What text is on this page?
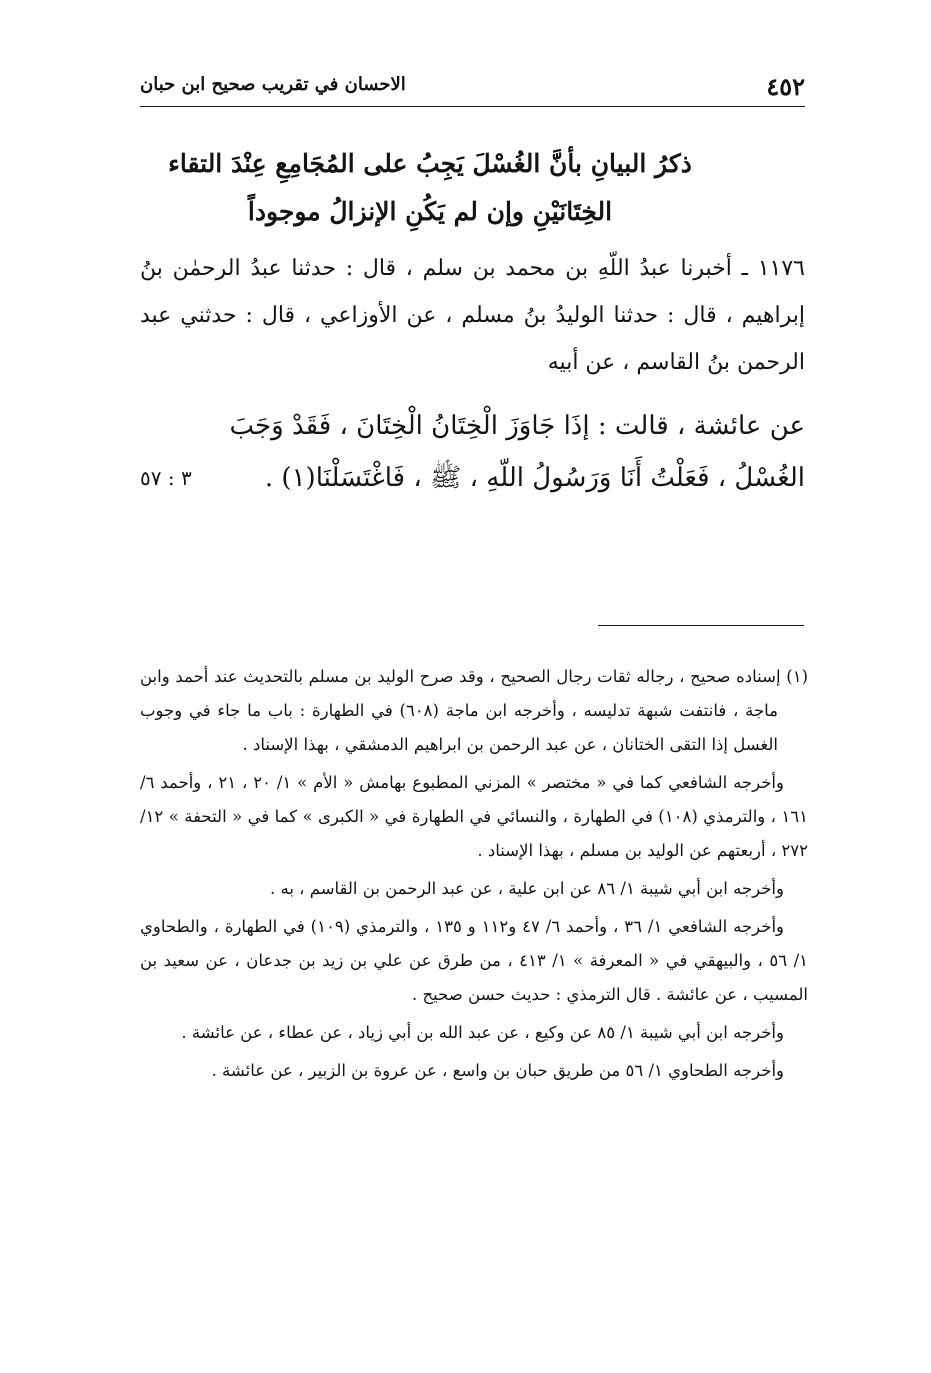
٤٥٢
الاحسان في تقريب صحيح ابن حبان
ذكرُ البيانِ بأنَّ الغُسْلَ يَجِبُ على المُجَامِعِ عِنْدَ التقاء
الخِتَانَيْنِ وإن لم يَكُنِ الإنزالُ موجوداً
١١٧٦ ـ أخبرنا عبدُ اللّهِ بن محمد بن سلم ، قال : حدثنا عبدُ الرحمٰن بنُ إبراهيم ، قال : حدثنا الوليدُ بنُ مسلم ، عن الأوزاعي ، قال : حدثني عبد الرحمن بنُ القاسم ، عن أبيه
عن عائشة ، قالت : إذَا جَاوَزَ الْخِتَانُ الْخِتَانَ ، فَقَدْ وَجَبَ
الغُسْلُ ، فَعَلْتُ أَنَا وَرَسُولُ اللّهِ ، ﷺ ، فَاغْتَسَلْنَا(١) .
٣ : ٥٧

(١) إسناده صحيح ، رجاله ثقات رجال الصحيح ، وقد صرح الوليد بن مسلم بالتحديث عند أحمد وابن ماجة ، فانتفت شبهة تدليسه ، وأخرجه ابن ماجة (٦٠٨) في الطهارة : باب ما جاء في وجوب الغسل إذا التقى الختانان ، عن عبد الرحمن بن ابراهيم الدمشقي ، بهذا الإسناد .

وأخرجه الشافعي كما في « مختصر » المزني المطبوع بهامش « الأم » ١/ ٢٠ ، ٢١ ، وأحمد ٦/ ١٦١ ، والترمذي (١٠٨) في الطهارة ، والنسائي في الطهارة في « الكبرى » كما في « التحفة » ١٢/ ٢٧٢ ، أربعتهم عن الوليد بن مسلم ، بهذا الإسناد .

وأخرجه ابن أبي شيبة ١/ ٨٦ عن ابن علية ، عن عبد الرحمن بن القاسم ، به .

وأخرجه الشافعي ١/ ٣٦ ، وأحمد ٦/ ٤٧ و١١٢ و ١٣٥ ، والترمذي (١٠٩) في الطهارة ، والطحاوي ١/ ٥٦ ، والبيهقي في « المعرفة » ١/ ٤١٣ ، من طرق عن علي بن زيد بن جدعان ، عن سعيد بن المسيب ، عن عائشة . قال الترمذي : حديث حسن صحيح .

وأخرجه ابن أبي شيبة ١/ ٨٥ عن وكيع ، عن عبد الله بن أبي زياد ، عن عطاء ، عن عائشة .

وأخرجه الطحاوي ١/ ٥٦ من طريق حبان بن واسع ، عن عروة بن الزبير ، عن عائشة .
